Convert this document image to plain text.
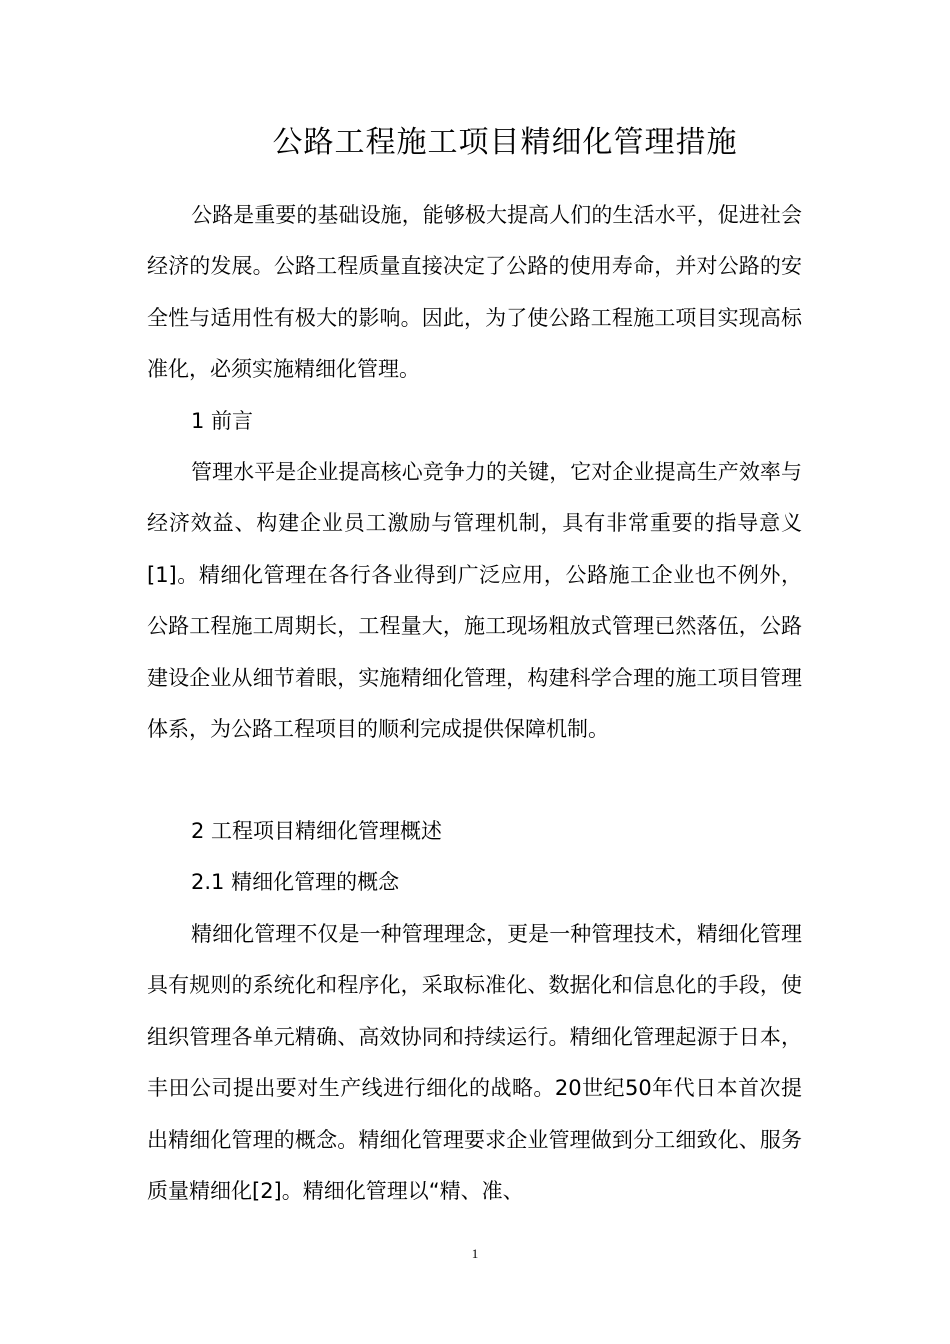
公路工程施工项目精细化管理措施

公路是重要的基础设施，能够极大提高人们的生活水平，促进社会经济的发展。公路工程质量直接决定了公路的使用寿命，并对公路的安全性与适用性有极大的影响。因此，为了使公路工程施工项目实现高标准化，必须实施精细化管理。

1 前言

管理水平是企业提高核心竞争力的关键，它对企业提高生产效率与经济效益、构建企业员工激励与管理机制，具有非常重要的指导意义[1]。精细化管理在各行各业得到广泛应用，公路施工企业也不例外，公路工程施工周期长，工程量大，施工现场粗放式管理已然落伍，公路建设企业从细节着眼，实施精细化管理，构建科学合理的施工项目管理体系，为公路工程项目的顺利完成提供保障机制。

2 工程项目精细化管理概述

2.1 精细化管理的概念

精细化管理不仅是一种管理理念，更是一种管理技术，精细化管理具有规则的系统化和程序化，采取标准化、数据化和信息化的手段，使组织管理各单元精确、高效协同和持续运行。精细化管理起源于日本，丰田公司提出要对生产线进行细化的战略。20世纪50年代日本首次提出精细化管理的概念。精细化管理要求企业管理做到分工细致化、服务质量精细化[2]。精细化管理以“精、准、

1
